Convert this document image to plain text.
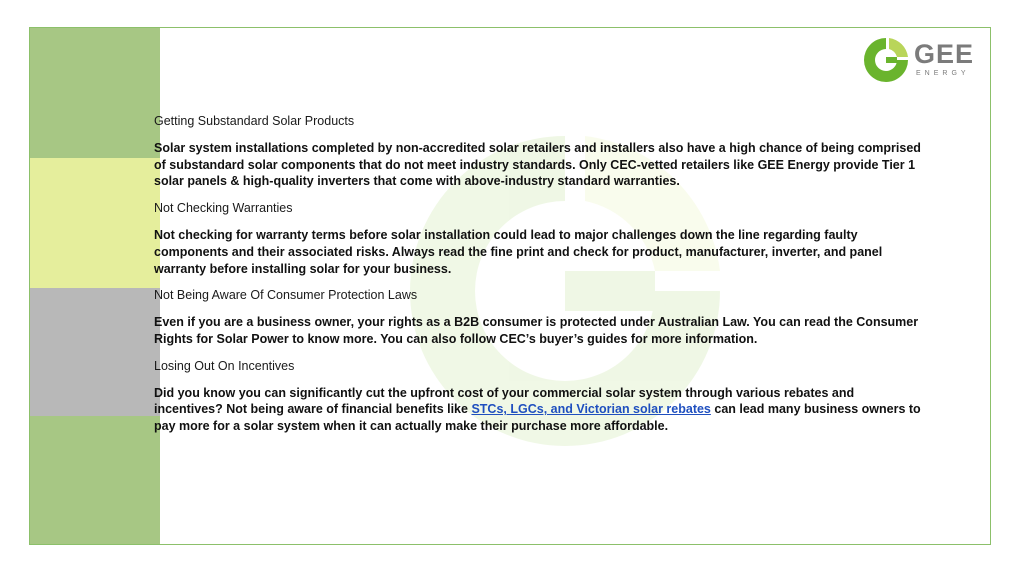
GEE
ENERGY

Getting Substandard Solar Products

Solar system installations completed by non-accredited solar retailers and installers also have a high chance of being comprised of substandard solar components that do not meet industry standards. Only CEC-vetted retailers like GEE Energy provide Tier 1 solar panels & high-quality inverters that come with above-industry standard warranties.

Not Checking Warranties

Not checking for warranty terms before solar installation could lead to major challenges down the line regarding faulty components and their associated risks. Always read the fine print and check for product, manufacturer, inverter, and panel warranty before installing solar for your business.

Not Being Aware Of Consumer Protection Laws

Even if you are a business owner, your rights as a B2B consumer is protected under Australian Law. You can read the Consumer Rights for Solar Power to know more. You can also follow CEC’s buyer’s guides for more information.

Losing Out On Incentives

Did you know you can significantly cut the upfront cost of your commercial solar system through various rebates and incentives? Not being aware of financial benefits like STCs, LGCs, and Victorian solar rebates can lead many business owners to pay more for a solar system when it can actually make their purchase more affordable.
